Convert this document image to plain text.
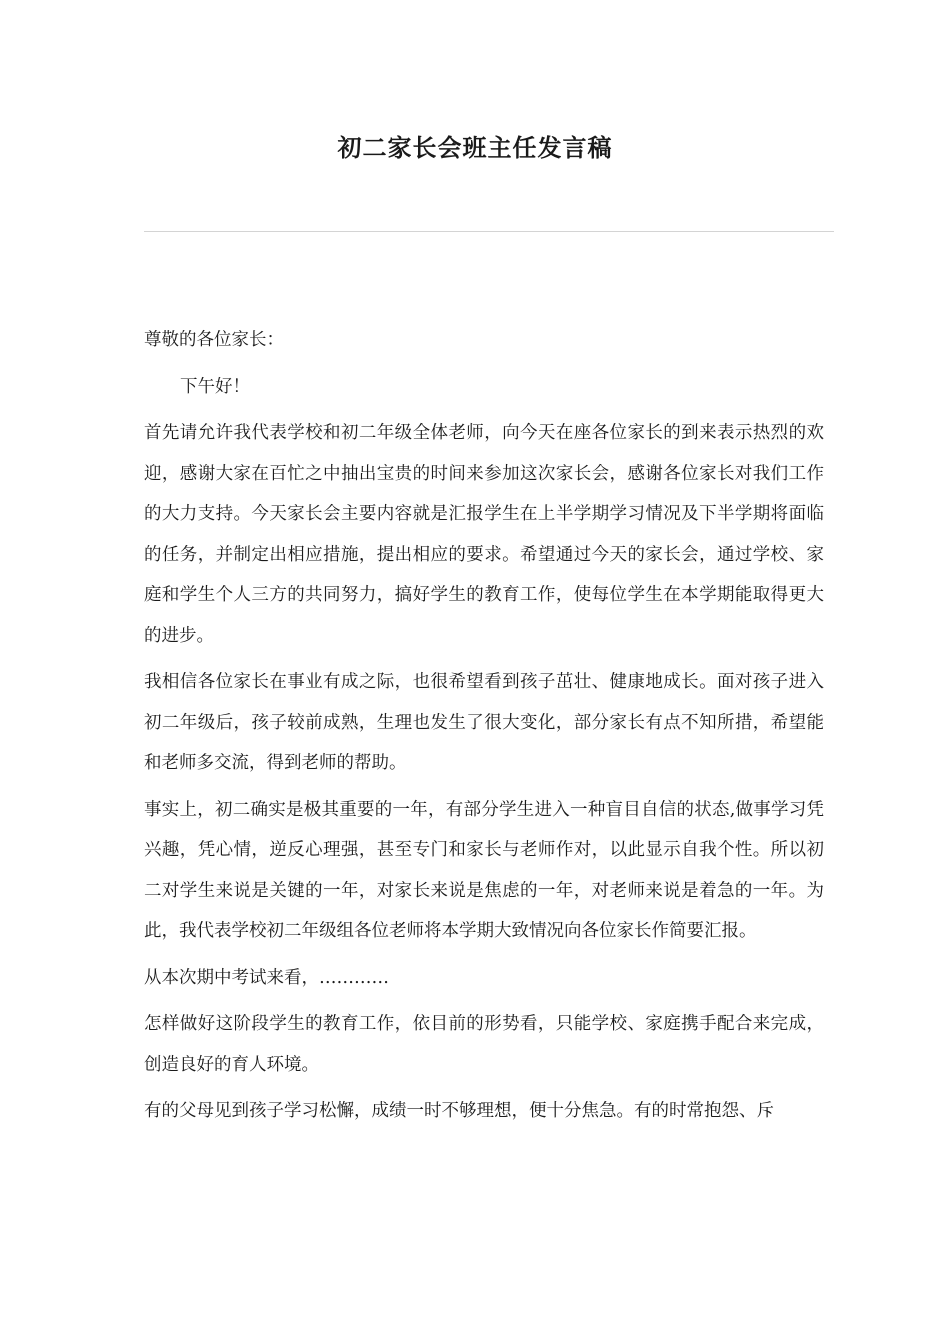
初二家长会班主任发言稿

尊敬的各位家长：

下午好！

首先请允许我代表学校和初二年级全体老师，向今天在座各位家长的到来表示热烈的欢迎，感谢大家在百忙之中抽出宝贵的时间来参加这次家长会，感谢各位家长对我们工作的大力支持。今天家长会主要内容就是汇报学生在上半学期学习情况及下半学期将面临的任务，并制定出相应措施，提出相应的要求。希望通过今天的家长会，通过学校、家庭和学生个人三方的共同努力，搞好学生的教育工作，使每位学生在本学期能取得更大的进步。

我相信各位家长在事业有成之际，也很希望看到孩子茁壮、健康地成长。面对孩子进入初二年级后，孩子较前成熟，生理也发生了很大变化，部分家长有点不知所措，希望能和老师多交流，得到老师的帮助。

事实上，初二确实是极其重要的一年，有部分学生进入一种盲目自信的状态,做事学习凭兴趣，凭心情，逆反心理强，甚至专门和家长与老师作对，以此显示自我个性。所以初二对学生来说是关键的一年，对家长来说是焦虑的一年，对老师来说是着急的一年。为此，我代表学校初二年级组各位老师将本学期大致情况向各位家长作简要汇报。

从本次期中考试来看，…………

怎样做好这阶段学生的教育工作，依目前的形势看，只能学校、家庭携手配合来完成，创造良好的育人环境。

有的父母见到孩子学习松懈，成绩一时不够理想，便十分焦急。有的时常抱怨、斥
